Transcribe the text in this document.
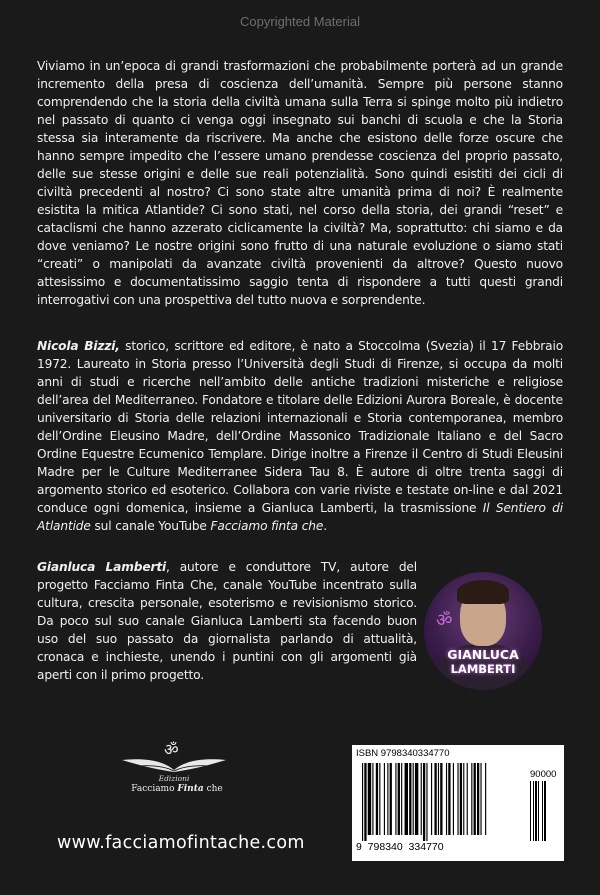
Copyrighted Material

Viviamo in un’epoca di grandi trasformazioni che probabilmente porterà ad un grande incremento della presa di coscienza dell’umanità. Sempre più persone stanno comprendendo che la storia della civiltà umana sulla Terra si spinge molto più indietro nel passato di quanto ci venga oggi insegnato sui banchi di scuola e che la Storia stessa sia interamente da riscrivere. Ma anche che esistono delle forze oscure che hanno sempre impedito che l’essere umano prendesse coscienza del proprio passato, delle sue stesse origini e delle sue reali potenzialità. Sono quindi esistiti dei cicli di civiltà precedenti al nostro? Ci sono state altre umanità prima di noi? È realmente esistita la mitica Atlantide? Ci sono stati, nel corso della storia, dei grandi “reset” e cataclismi che hanno azzerato ciclicamente la civiltà? Ma, soprattutto: chi siamo e da dove veniamo? Le nostre origini sono frutto di una naturale evoluzione o siamo stati “creati” o manipolati da avanzate civiltà provenienti da altrove? Questo nuovo attesissimo e documentatissimo saggio tenta di rispondere a tutti questi grandi interrogativi con una prospettiva del tutto nuova e sorprendente.

Nicola Bizzi, storico, scrittore ed editore, è nato a Stoccolma (Svezia) il 17 Febbraio 1972. Laureato in Storia presso l’Università degli Studi di Firenze, si occupa da molti anni di studi e ricerche nell’ambito delle antiche tradizioni misteriche e religiose dell’area del Mediterraneo. Fondatore e titolare delle Edizioni Aurora Boreale, è docente universitario di Storia delle relazioni internazionali e Storia contemporanea, membro dell’Ordine Eleusino Madre, dell’Ordine Massonico Tradizionale Italiano e del Sacro Ordine Equestre Ecumenico Templare. Dirige inoltre a Firenze il Centro di Studi Eleusini Madre per le Culture Mediterranee Sidera Tau 8. È autore di oltre trenta saggi di argomento storico ed esoterico. Collabora con varie riviste e testate on-line e dal 2021 conduce ogni domenica, insieme a Gianluca Lamberti, la trasmissione Il Sentiero di Atlantide sul canale YouTube Facciamo finta che.

Gianluca Lamberti, autore e conduttore TV, autore del progetto Facciamo Finta Che, canale YouTube incentrato sulla cultura, crescita personale, esoterismo e revisionismo storico. Da poco sul suo canale Gianluca Lamberti sta facendo buon uso del suo passato da giornalista parlando di attualità, cronaca e inchieste, unendo i puntini con gli argomenti già aperti con il primo progetto.

ॐ
GIANLUCA
LAMBERTI
ॐ
Edizioni
Facciamo Finta che
www.facciamofintache.com
ISBN 9798340334770
90000
9  798340  334770
